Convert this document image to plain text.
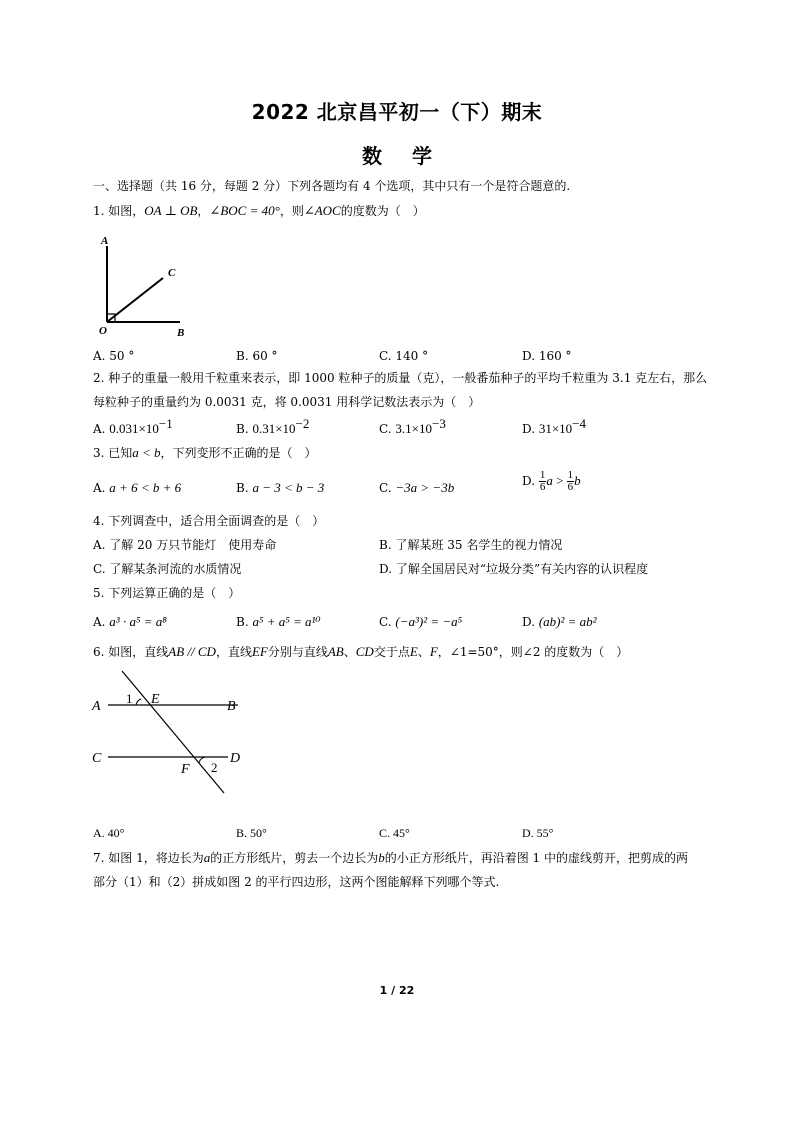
2022 北京昌平初一（下）期末
数学
一、选择题（共 16 分，每题 2 分）下列各题均有 4 个选项，其中只有一个是符合题意的.
1. 如图，OA ⊥ OB，∠BOC = 40°，则∠AOC的度数为（　）
A
C
O	B
A. 50 °	B. 60 °	C. 140 °	D. 160 °
2. 种子的重量一般用千粒重来表示，即 1000 粒种子的质量（克），一般番茄种子的平均千粒重为 3.1 克左右，那么
每粒种子的重量约为 0.0031 克，将 0.0031 用科学记数法表示为（　）
A. $0.031\times 10^{-1}$	B. $0.31\times 10^{-2}$	C. $3.1\times 10^{-3}$	D. $31\times 10^{-4}$
3. 已知a < b，下列变形不正确的是（　）
A. a + 6 < b + 6	B. a − 3 < b − 3	C. −3a > −3b	D. $\frac{1}{6}$ $a > \frac{1}{6}$ b
4. 下列调查中，适合用全面调查的是（　）
A. 了解 20 万只节能灯　使用寿命	B. 了解某班 35 名学生的视力情况
C. 了解某条河流的水质情况	D. 了解全国居民对“垃圾分类”有关内容的认识程度
5. 下列运算正确的是（　）
A. a³ · a⁵ = a⁸	B. a⁵ + a⁵ = a¹⁰	C. (−a³)² = −a⁵	D. (ab)² = ab²
6. 如图，直线AB // CD，直线EF分别与直线AB、CD交于点E、F，∠1=50°，则∠2 的度数为（　）
A
1 E	B
C
F 2
D
A. 40°	B. 50°	C. 45°	D. 55°
7. 如图 1，将边长为a的正方形纸片，剪去一个边长为b的小正方形纸片，再沿着图 1 中的虚线剪开，把剪成的两
部分（1）和（2）拼成如图 2 的平行四边形，这两个图能解释下列哪个等式.
1 / 22
